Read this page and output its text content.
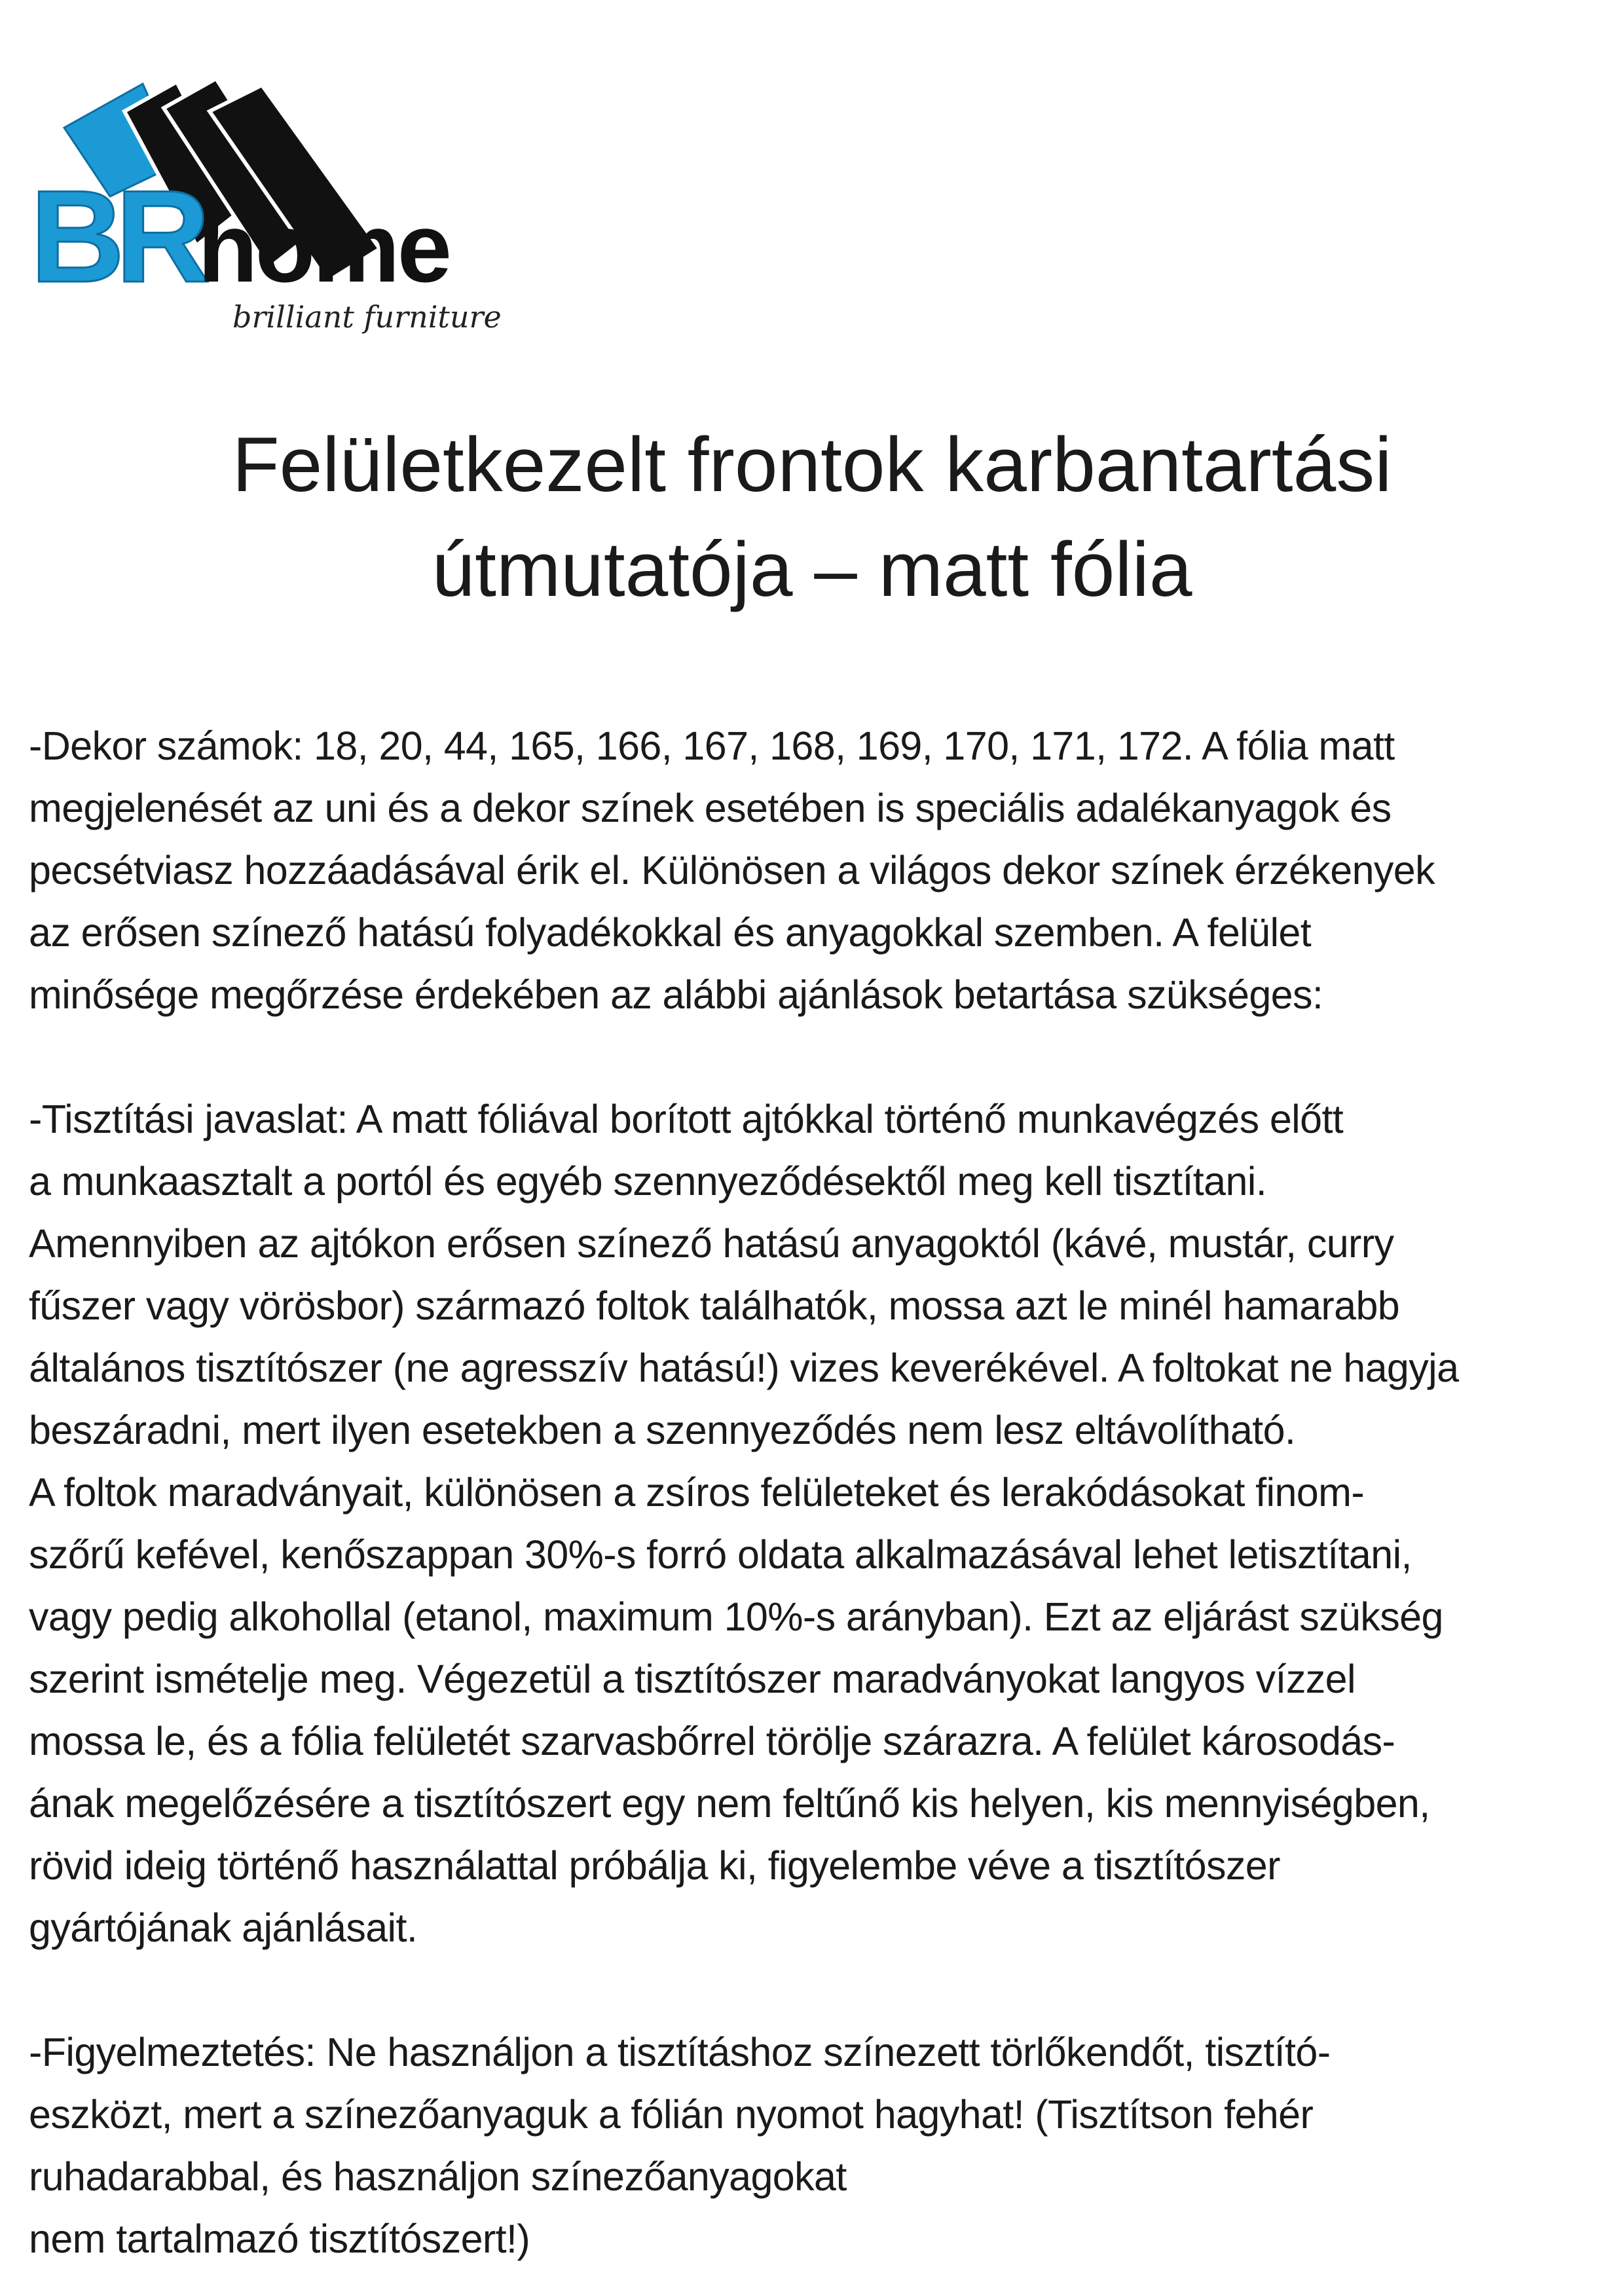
BR
home
brilliant furniture
Felületkezelt frontok karbantartási
útmutatója – matt fólia
-Dekor számok: 18, 20, 44, 165, 166, 167, 168, 169, 170, 171, 172. A fólia matt
megjelenését az uni és a dekor színek esetében is speciális adalékanyagok és
pecsétviasz hozzáadásával érik el. Különösen a világos dekor színek érzékenyek
az erősen színező hatású folyadékokkal és anyagokkal szemben. A felület
minősége megőrzése érdekében az alábbi ajánlások betartása szükséges:
-Tisztítási javaslat: A matt fóliával borított ajtókkal történő munkavégzés előtt
a munkaasztalt a portól és egyéb szennyeződésektől meg kell tisztítani.
Amennyiben az ajtókon erősen színező hatású anyagoktól (kávé, mustár, curry
fűszer vagy vörösbor) származó foltok találhatók, mossa azt le minél hamarabb
általános tisztítószer (ne agresszív hatású!) vizes keverékével. A foltokat ne hagyja
beszáradni, mert ilyen esetekben a szennyeződés nem lesz eltávolítható.
A foltok maradványait, különösen a zsíros felületeket és lerakódásokat finom-
szőrű kefével, kenőszappan 30%-s forró oldata alkalmazásával lehet letisztítani,
vagy pedig alkohollal (etanol, maximum 10%-s arányban). Ezt az eljárást szükség
szerint ismételje meg. Végezetül a tisztítószer maradványokat langyos vízzel
mossa le, és a fólia felületét szarvasbőrrel törölje szárazra. A felület károsodás-
ának megelőzésére a tisztítószert egy nem feltűnő kis helyen, kis mennyiségben,
rövid ideig történő használattal próbálja ki, figyelembe véve a tisztítószer
gyártójának ajánlásait.
-Figyelmeztetés: Ne használjon a tisztításhoz színezett törlőkendőt, tisztító-
eszközt, mert a színezőanyaguk a fólián nyomot hagyhat! (Tisztítson fehér
ruhadarabbal, és használjon színezőanyagokat
nem tartalmazó tisztítószert!)
